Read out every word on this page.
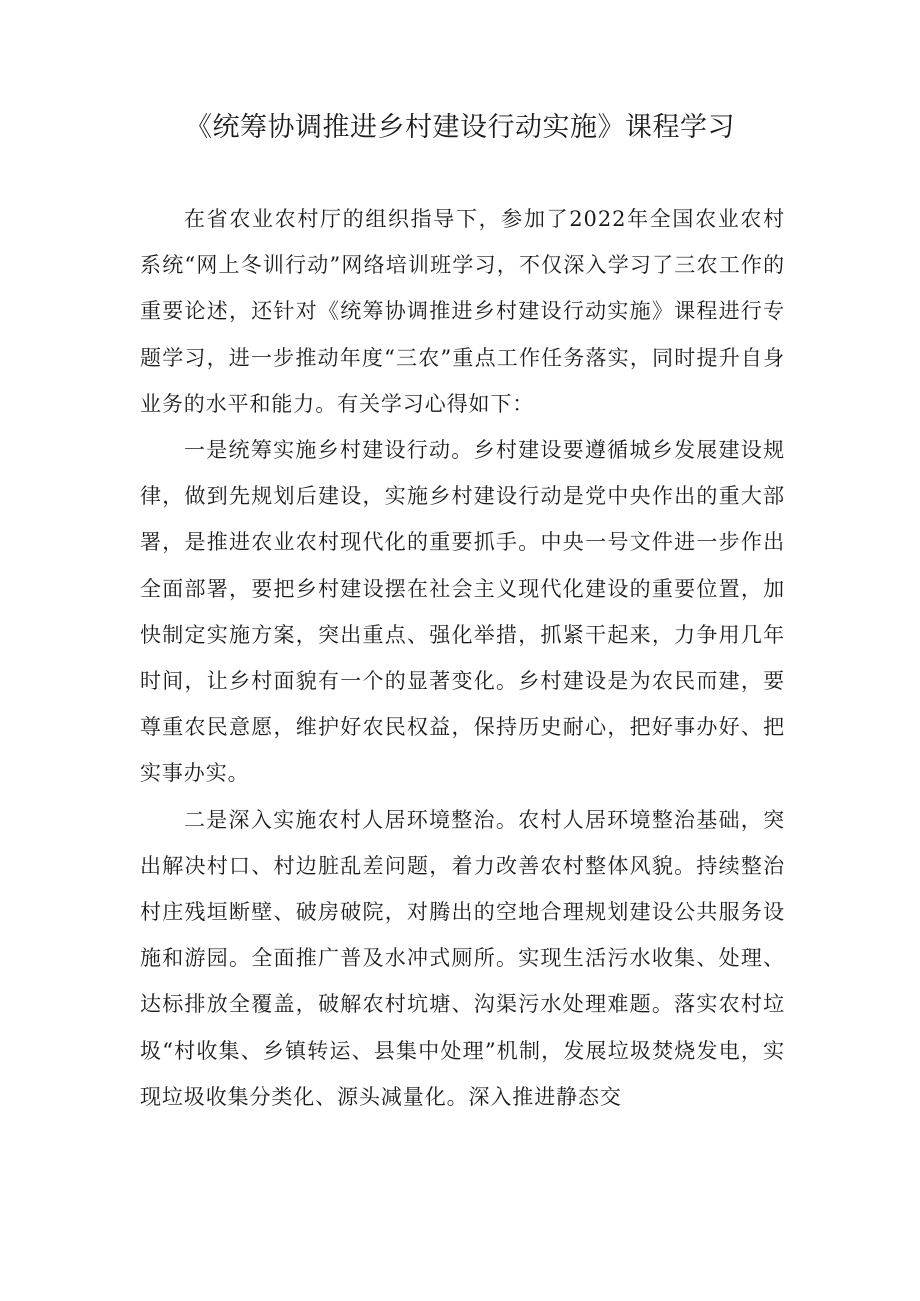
《统筹协调推进乡村建设行动实施》课程学习

在省农业农村厅的组织指导下，参加了2022年全国农业农村系统“网上冬训行动”网络培训班学习，不仅深入学习了三农工作的重要论述，还针对《统筹协调推进乡村建设行动实施》课程进行专题学习，进一步推动年度“三农”重点工作任务落实，同时提升自身业务的水平和能力。有关学习心得如下：

一是统筹实施乡村建设行动。乡村建设要遵循城乡发展建设规律，做到先规划后建设，实施乡村建设行动是党中央作出的重大部署，是推进农业农村现代化的重要抓手。中央一号文件进一步作出全面部署，要把乡村建设摆在社会主义现代化建设的重要位置，加快制定实施方案，突出重点、强化举措，抓紧干起来，力争用几年时间，让乡村面貌有一个的显著变化。乡村建设是为农民而建，要尊重农民意愿，维护好农民权益，保持历史耐心，把好事办好、把实事办实。

二是深入实施农村人居环境整治。农村人居环境整治基础，突出解决村口、村边脏乱差问题，着力改善农村整体风貌。持续整治村庄残垣断壁、破房破院，对腾出的空地合理规划建设公共服务设施和游园。全面推广普及水冲式厕所。实现生活污水收集、处理、达标排放全覆盖，破解农村坑塘、沟渠污水处理难题。落实农村垃圾“村收集、乡镇转运、县集中处理”机制，发展垃圾焚烧发电，实现垃圾收集分类化、源头减量化。深入推进静态交
